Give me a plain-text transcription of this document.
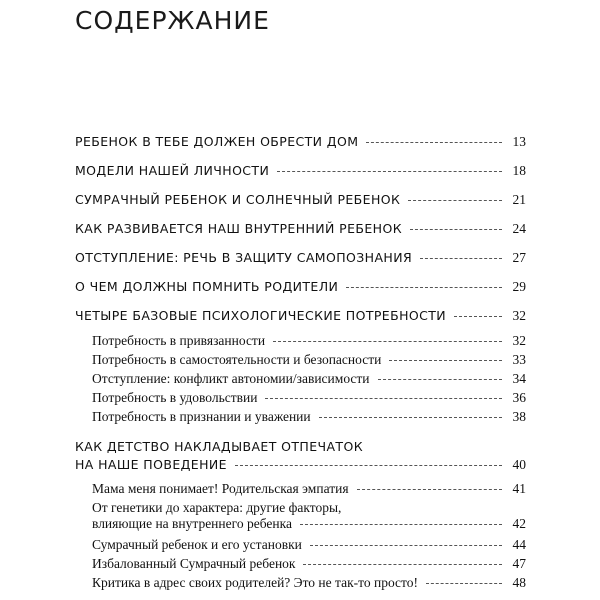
СОДЕРЖАНИЕ
РЕБЕНОК В ТЕБЕ ДОЛЖЕН ОБРЕСТИ ДОМ	13
МОДЕЛИ НАШЕЙ ЛИЧНОСТИ	18
СУМРАЧНЫЙ РЕБЕНОК И СОЛНЕЧНЫЙ РЕБЕНОК	21
КАК РАЗВИВАЕТСЯ НАШ ВНУТРЕННИЙ РЕБЕНОК	24
ОТСТУПЛЕНИЕ: РЕЧЬ В ЗАЩИТУ САМОПОЗНАНИЯ	27
О ЧЕМ ДОЛЖНЫ ПОМНИТЬ РОДИТЕЛИ	29
ЧЕТЫРЕ БАЗОВЫЕ ПСИХОЛОГИЧЕСКИЕ ПОТРЕБНОСТИ	32
Потребность в привязанности	32
Потребность в самостоятельности и безопасности	33
Отступление: конфликт автономии/зависимости	34
Потребность в удовольствии	36
Потребность в признании и уважении	38
КАК ДЕТСТВО НАКЛАДЫВАЕТ ОТПЕЧАТОК
НА НАШЕ ПОВЕДЕНИЕ	40
Мама меня понимает! Родительская эмпатия	41
От генетики до характера: другие факторы,
влияющие на внутреннего ребенка	42
Сумрачный ребенок и его установки	44
Избалованный Сумрачный ребенок	47
Критика в адрес своих родителей? Это не так-то просто!	48
